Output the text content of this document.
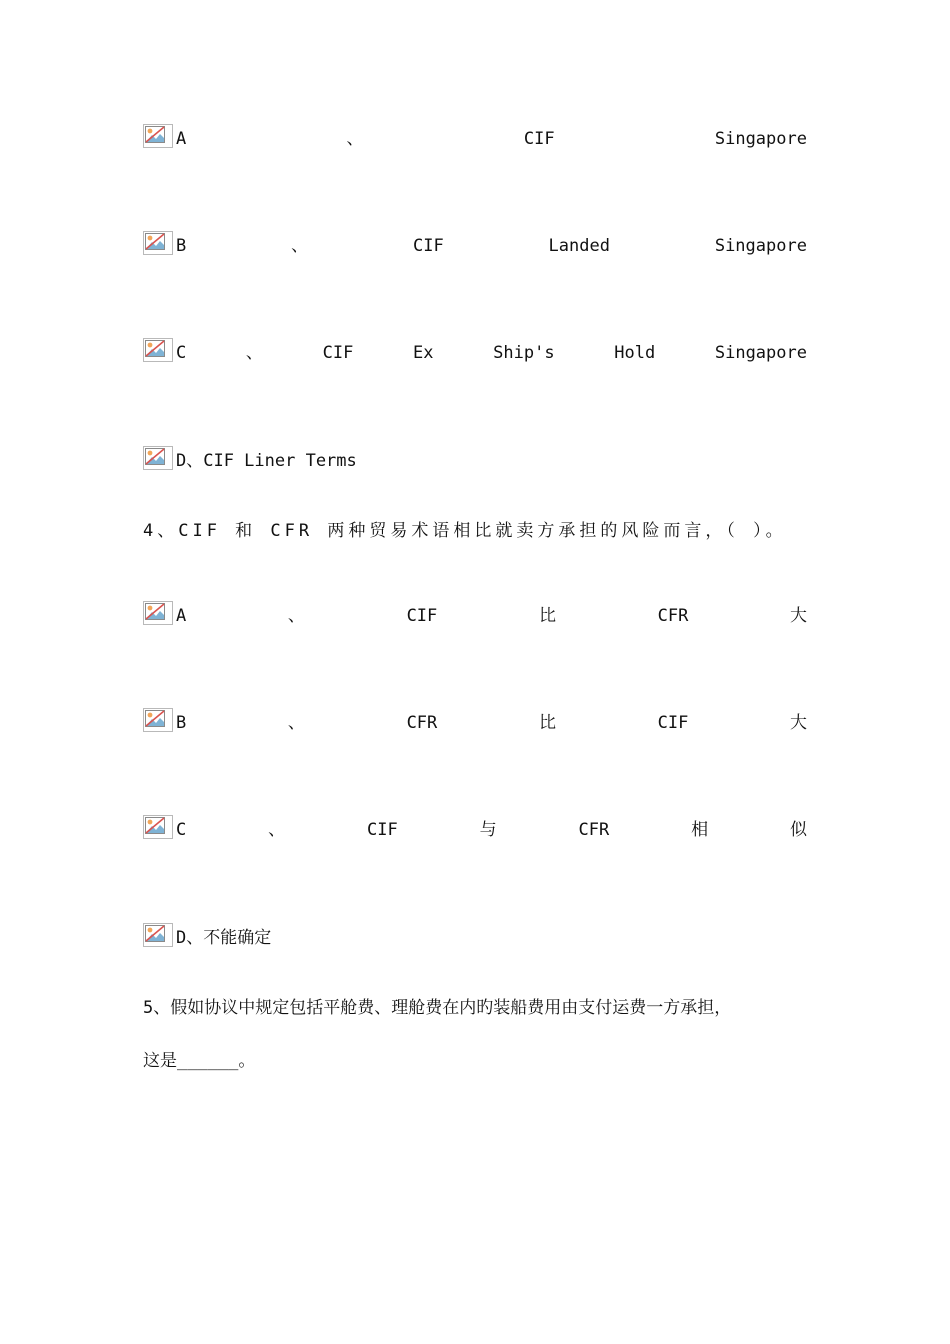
A	、	CIF	Singapore
B	、	CIF	Landed	Singapore
C	、	CIF	Ex	Ship's	Hold	Singapore
D、CIF Liner Terms
4、CIF 和 CFR 两种贸易术语相比就卖方承担的风险而言，（ ）。
A	、	CIF	比	CFR	大
B	、	CFR	比	CIF	大
C	、	CIF	与	CFR	相	似
D、不能确定
5、假如协议中规定包括平舱费、理舱费在内旳装船费用由支付运费一方承担，
这是______。
